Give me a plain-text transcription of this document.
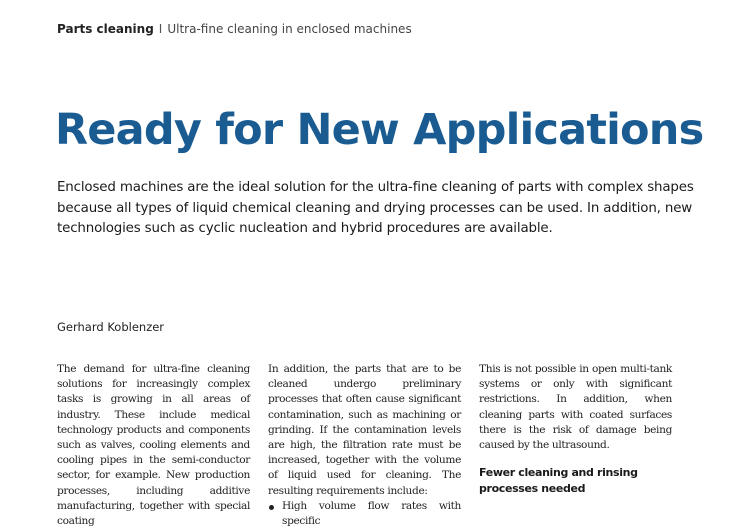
Parts cleaning I Ultra-fine cleaning in enclosed machines
Ready for New Applications

Enclosed machines are the ideal solution for the ultra-fine cleaning of parts with complex shapes because all types of liquid chemical cleaning and drying processes can be used. In addition, new technologies such as cyclic nucleation and hybrid procedures are available.

Gerhard Koblenzer

The demand for ultra-fine cleaning solutions for increasingly complex tasks is growing in all areas of industry. These include medical technology products and components such as valves, cooling elements and cooling pipes in the semi-conductor sector, for example. New production processes, including additive manufacturing, together with special coating

In addition, the parts that are to be cleaned undergo preliminary processes that often cause significant contamination, such as machining or grinding. If the contamination levels are high, the filtration rate must be increased, together with the volume of liquid used for cleaning. The resulting requirements include:

High volume flow rates with specific

This is not possible in open multi-tank systems or only with significant restrictions. In addition, when cleaning parts with coated surfaces there is the risk of damage being caused by the ultrasound.

Fewer cleaning and rinsing processes needed
